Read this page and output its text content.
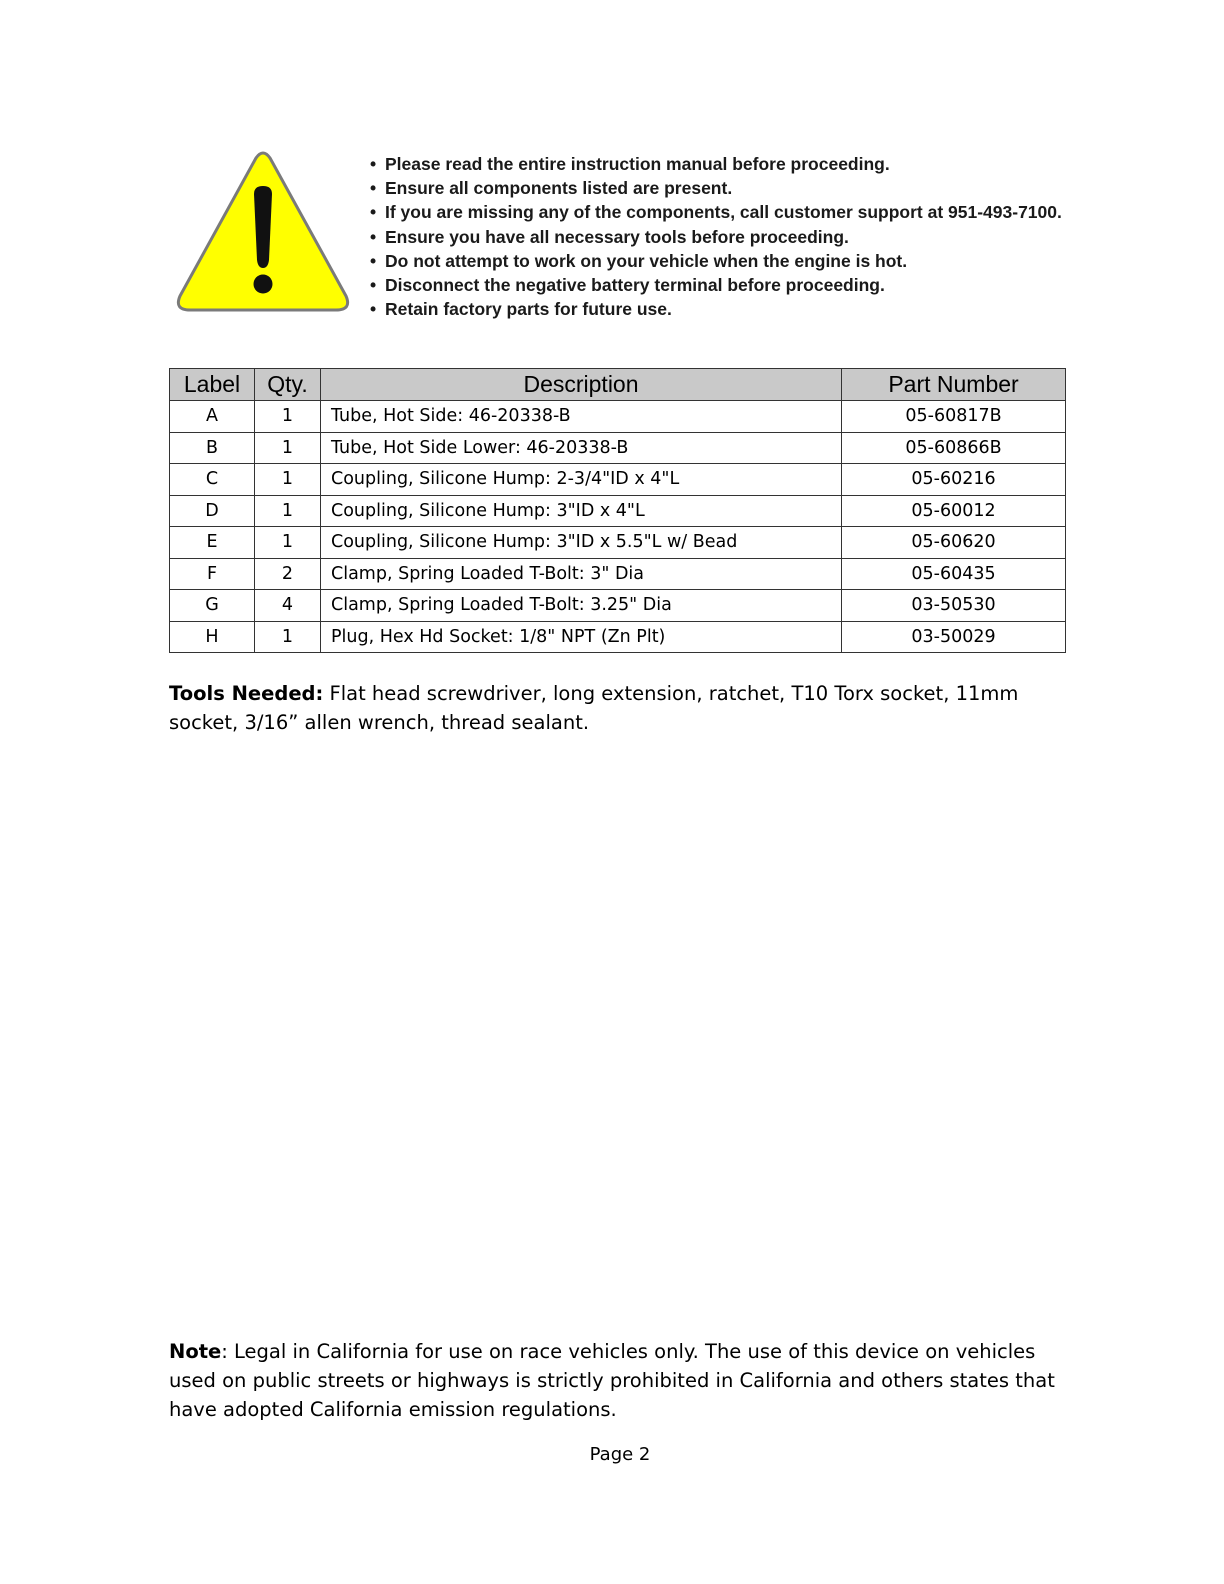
• Please read the entire instruction manual before proceeding.
• Ensure all components listed are present.
• If you are missing any of the components, call customer support at 951-493-7100.
• Ensure you have all necessary tools before proceeding.
• Do not attempt to work on your vehicle when the engine is hot.
• Disconnect the negative battery terminal before proceeding.
• Retain factory parts for future use.
Label	Qty.	Description	Part Number
A	1	Tube, Hot Side: 46-20338-B	05-60817B
B	1	Tube, Hot Side Lower: 46-20338-B	05-60866B
C	1	Coupling, Silicone Hump: 2-3/4"ID x 4"L	05-60216
D	1	Coupling, Silicone Hump: 3"ID x 4"L	05-60012
E	1	Coupling, Silicone Hump: 3"ID x 5.5"L w/ Bead	05-60620
F	2	Clamp, Spring Loaded T-Bolt: 3" Dia	05-60435
G	4	Clamp, Spring Loaded T-Bolt: 3.25" Dia	03-50530
H	1	Plug, Hex Hd Socket: 1/8" NPT (Zn Plt)	03-50029
Tools Needed: Flat head screwdriver, long extension, ratchet, T10 Torx socket, 11mm socket, 3/16” allen wrench, thread sealant.
Note: Legal in California for use on race vehicles only. The use of this device on vehicles used on public streets or highways is strictly prohibited in California and others states that have adopted California emission regulations.
Page 2
